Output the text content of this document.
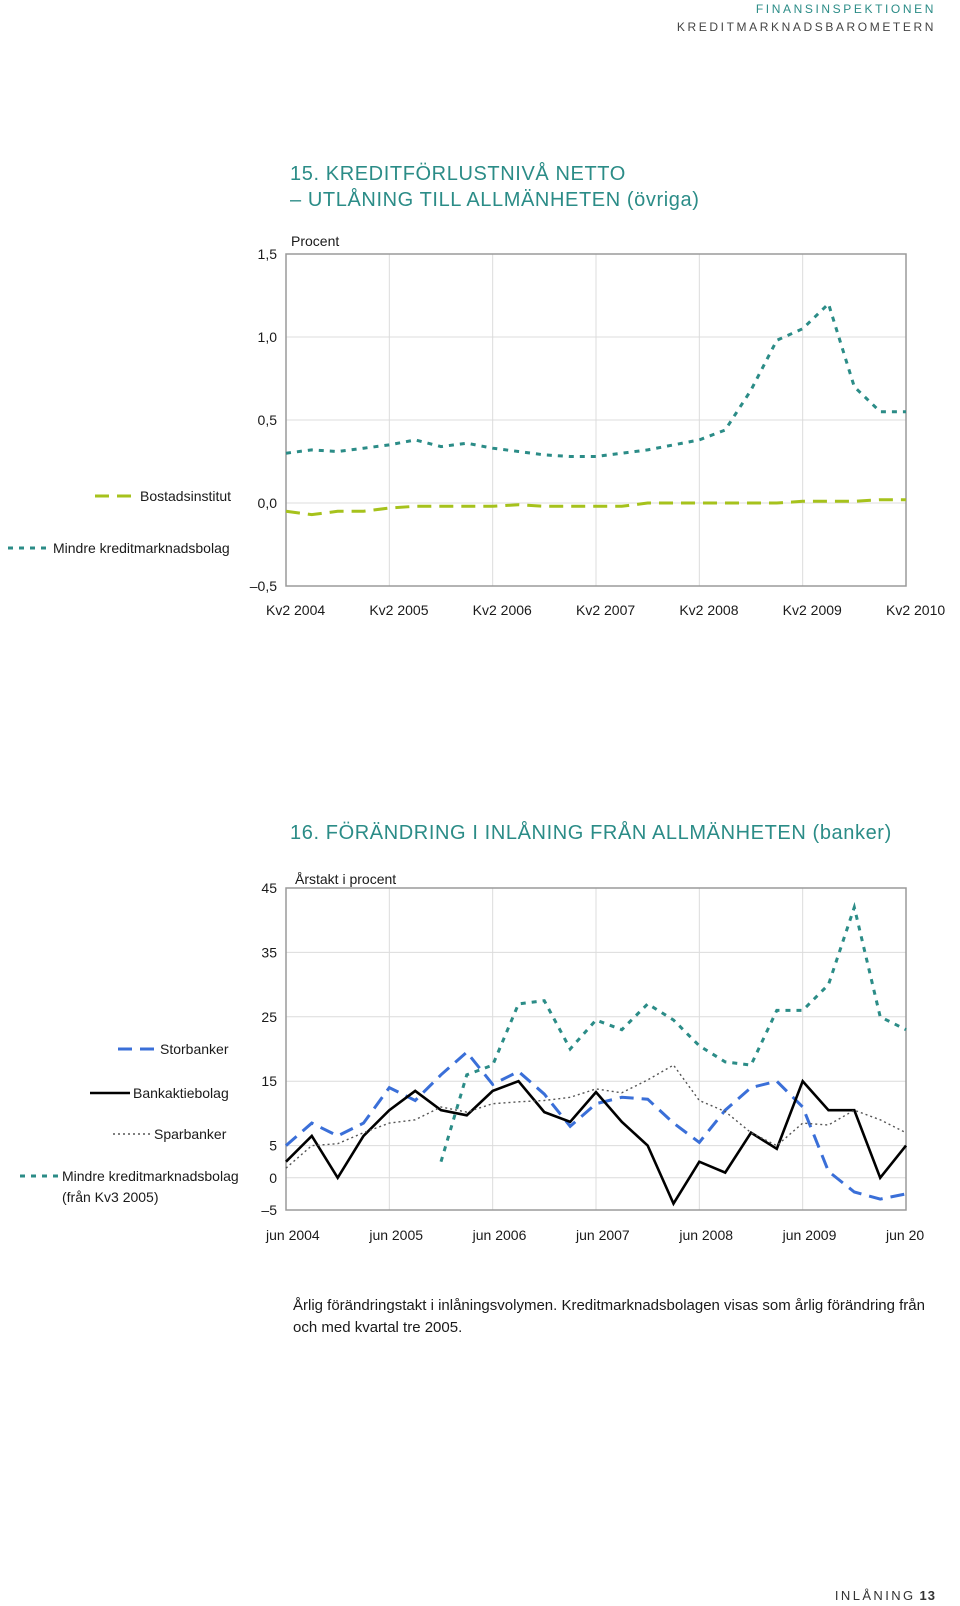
FINANSINSPEKTIONEN
KREDITMARKNADSBAROMETERN
15. KREDITFÖRLUSTNIVÅ NETTO
– UTLÅNING TILL ALLMÄNHETEN (övriga)
Procent
–0,5
0,0
0,5
1,0
1,5
Kv2 2004	Kv2 2005	Kv2 2006	Kv2 2007	Kv2 2008	Kv2 2009	Kv2 2010
Bostadsinstitut
Mindre kreditmarknadsbolag
16. FÖRÄNDRING I INLÅNING FRÅN ALLMÄNHETEN (banker)
Årstakt i procent
–5
0
5
15
25
35
45
jun 2004	jun 2005	jun 2006	jun 2007	jun 2008	jun 2009	jun 20
Storbanker
Bankaktiebolag
Sparbanker
Mindre kreditmarknadsbolag
(från Kv3 2005)
Årlig förändringstakt i inlåningsvolymen. Kreditmarknadsbolagen visas som årlig förändring från och med kvartal tre 2005.
INLÅNING 13
